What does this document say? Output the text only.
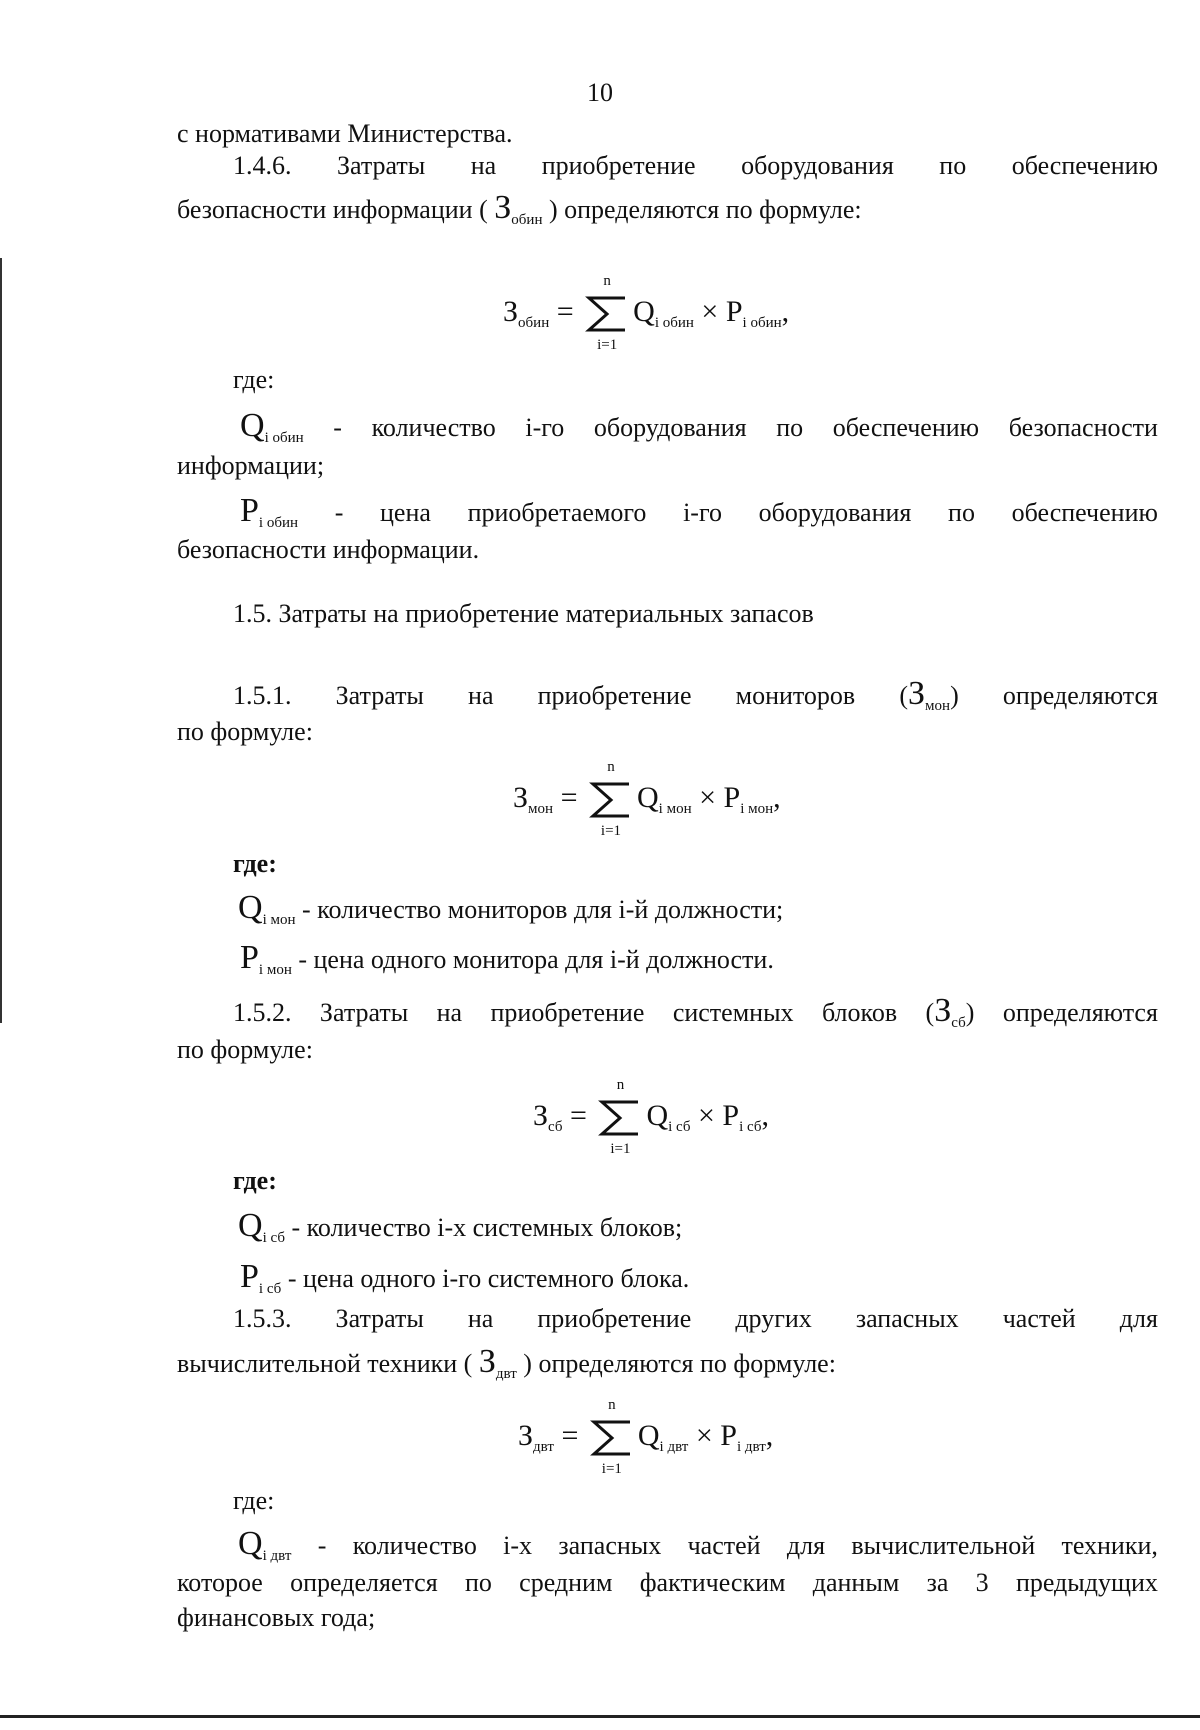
10
с нормативами Министерства.
1.4.6. Затраты на приобретение оборудования по обеспечению
безопасности информации ( $З_{обин}$ ) определяются по формуле:
$З_{обин}$ =
n
i=1
$Q_{i обин} \times P_{i обин}$,
где:
$Q_{i обин}$ - количество i-го оборудования по обеспечению безопасности
информации;
$P_{i обин}$ - цена приобретаемого i-го оборудования по обеспечению
безопасности информации.
1.5. Затраты на приобретение материальных запасов
1.5.1. Затраты на приобретение мониторов $(З_{мон})$ определяются
по формуле:
$З_{мон}$ =
n
i=1
$Q_{i мон} \times P_{i мон}$,
где:
$Q_{i мон}$ - количество мониторов для i-й должности;
$P_{i мон}$ - цена одного монитора для i-й должности.
1.5.2. Затраты на приобретение системных блоков $(З_{сб})$ определяются
по формуле:
$З_{сб}$ =
n
i=1
$Q_{i сб} \times P_{i сб}$,
где:
$Q_{i сб}$ - количество i-х системных блоков;
$P_{i сб}$ - цена одного i-го системного блока.
1.5.3. Затраты на приобретение других запасных частей для
вычислительной техники ( $З_{двт}$ ) определяются по формуле:
$З_{двт}$ =
n
i=1
$Q_{i двт} \times P_{i двт}$,
где:
$Q_{i двт}$ - количество i-х запасных частей для вычислительной техники,
которое определяется по средним фактическим данным за 3 предыдущих
финансовых года;
